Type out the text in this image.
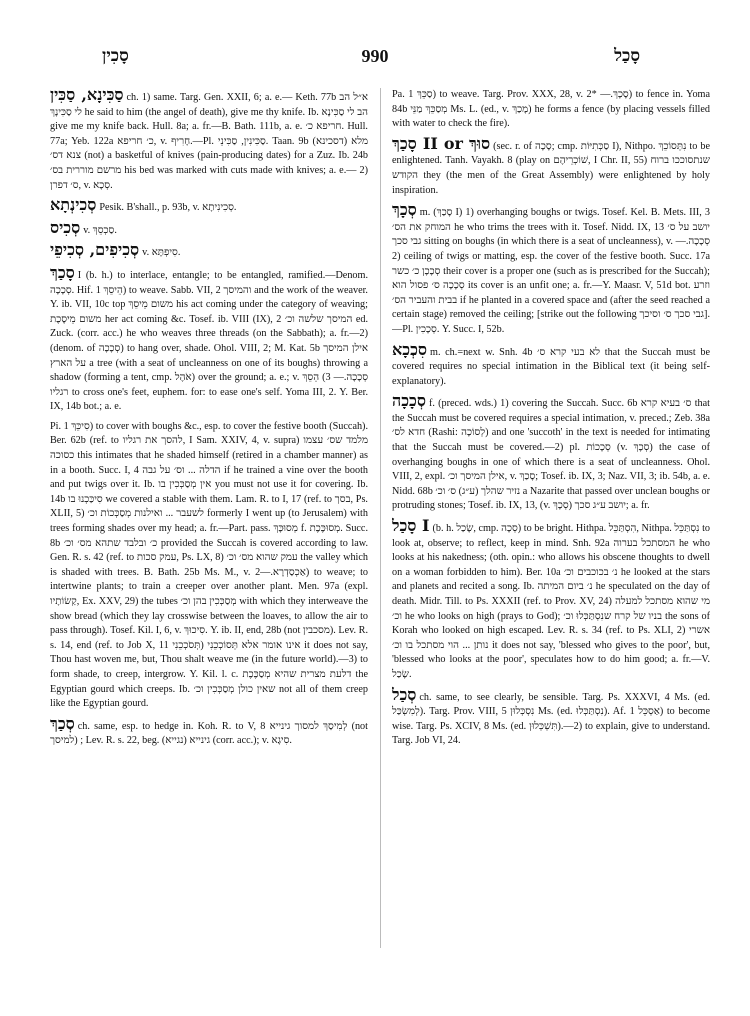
סָכִין	990	סָכַל

סַכִּינָא, סַכִּין ch. 1) same. Targ. Gen. XXII, 6; a. e.— Keth. 77b א״ל הב לי סַכִּינָךְ he said to him (the angel of death), give me thy knife. Ib. הב לי סַכִּינָא give me my knife back. Hull. 8a; a. fr.—B. Bath. 111b, a. e. חריפא כ׳. Hull. 77a; Yeb. 122a כ׳ חריפא, v. חָרִיף.—Pl. סַכִּינִין, סַכִּינֵי. Taan. 9b (דסכינא) מלא צנא דס׳ (not) a basketful of knives (pain-producing dates) for a Zuz. Ib. 24b מרשם מוררית בס׳ his bed was marked with cuts made with knives; a. e.— 2) ס׳ דפרן, v. סְכָא.

סְכִינְתָא Pesik. B'shall., p. 93b, v. סְכִינִיתָא.

סְכִיס v. סַכְסֵךְ.

סְכִיפִים, סְכִיפֵי v. סִיפְתָּא.

סָכַךְ I (b. h.) to interlace, entangle; to be entangled, ramified.—Denom. סְכָכָה. Hif. הֵיסֵךְ 1) to weave. Sabb. VII, 2 והמיסך and the work of the weaver. Y. ib. VII, 10c top משום מֵיסֵךְ his act coming under the category of weaving; משום מֵיסֶכֶת her act coming &c. Tosef. ib. VIII (IX), 2 המיסך שלשה וכ׳ ed. Zuck. (corr. acc.) he who weaves three threads (on the Sabbath); a. fr.—2) (denom. of סְכָכָה) to hang over, shade. Ohol. VIII, 2; M. Kat. 5b אילן המיסך על הארץ a tree (with a seat of uncleanness on one of its boughs) throwing a shadow (forming a tent, cmp. אֹהֶל) over the ground; a. e.; v. סְכָכָה.— 3) הֵסֵךְ רגליו to cross one's feet, euphem. for: to ease one's self. Yoma III, 2. Y. Ber. IX, 14b bot.; a. e.

Pi. סִיכֵּךְ 1) to cover with boughs &c., esp. to cover the festive booth (Succah). Ber. 62b (ref. to להסך את רגליו, I Sam. XXIV, 4, v. supra) מלמד שס׳ עצמו כסוכה this intimates that he shaded himself (retired in a chamber manner) as in a booth. Succ. I, 4 הדלה ... וס׳ על גבה if he trained a vine over the booth and put twigs over it. Ib. אין מְסַכְּכִין בו you must not use it for covering. Ib. 14b סִיכַּכְנוּ בו we covered a stable with them. Lam. R. to I, 17 (ref. to בסך, Ps. XLII, 5) לשעבר ... ואילנות מְסַכְּכוֹת וכ׳ formerly I went up (to Jerusalem) with trees forming shades over my head; a. fr.—Part. pass. מְסוּכָּךְ f. מְסוּכֶּכֶת. Succ. 8b כ׳ ובלבד שתהא מס׳ וכ׳ provided the Succah is covered according to law. Gen. R. s. 42 (ref. to עמק סכות, Ps. LX, 8) עמק שהוא מס׳ וכ׳ the valley which is shaded with trees. B. Bath. 25b Ms. M., v. אַכְסַדְרָא.—2) to weave; to intertwine plants; to train a creeper over another plant. Men. 97a (expl. קַשׂוֹתָיו, Ex. XXV, 29) the tubes מְסַכְּכִין בהן וכ׳ with which they interweave the show bread (which they lay crosswise between the loaves, to allow the air to pass through). Tosef. Kil. I, 6, v. סִיכוּךְ. Y. ib. II, end, 28b (not מסכבין). Lev. R. s. 14, end (ref. to Job X, 11 תְּסֹכְכֵנִי) אינו אומר אלא תְּסוֹכְכֵנִי it does not say, Thou hast woven me, but, Thou shalt weave me (in the future world).—3) to form shade, to creep, intergrow. Y. Kil. l. c. דלעת מצרית שהיא מְסַכֶּכֶת the Egyptian gourd which creeps. Ib. שאין כולן מְסַכְּכִין וכ׳ not all of them creep like the Egyptian gourd.

סְכַךְ ch. same, esp. to hedge in. Koh. R. to V, 8 לְמִיסַךְ למסוך גינייא (not למיסך) ; Lev. R. s. 22, beg. (גינייא (נגייא (corr. acc.); v. סִיגָא.

Pa. סַכֵּךְ 1) to weave. Targ. Prov. XXX, 28, v. סָכָךְ.— *2) to fence in. Yoma 84b מְסַכֵּךְ מַנֵּי Ms. L. (ed., v. מָכַךְ) he forms a fence (by placing vessels filled with water to check the fire).

סָכַךְ II or סוּךְ (sec. r. of סָכָה; cmp. סַכְּתִיּוֹת I), Nithpo. נִתְּסוֹכֵךְ to be enlightened. Tanh. Vayakh. 8 (play on שׁוֹכְרֵיהֶם, I Chr. II, 55) שנתסוככו ברוח הקודש they (the men of the Great Assembly) were enlightened by holy inspiration.

סְכָךְ m. (סָכַךְ I) 1) overhanging boughs or twigs. Tosef. Kel. B. Mets. III, 3 המוחק את הס׳ he who trims the trees with it. Tosef. Nidd. IX, 13 יושב על ס׳ גבי סכך sitting on boughs (in which there is a seat of uncleanness), v. סְכָכָה.—2) ceiling of twigs or matting, esp. the cover of the festive booth. Succ. 17a סְכָכָן כ׳ כשר their cover is a proper one (such as is prescribed for the Succah); סְכָכָה ס׳ פסול הוא its cover is an unfit one; a. fr.—Y. Maasr. V, 51d bot. וזרע בבית והעביר הס׳ if he planted in a covered space and (after the seed reached a certain stage) removed the ceiling; [strike out the following גבי סכך ס׳ וסיכך].—Pl. סְכָכִין. Y. Succ. I, 52b.

סִכְכָא m. ch.=next w. Snh. 4b לא בעי קרא ס׳ that the Succah must be covered requires no special intimation in the Biblical text (it being self-explanatory).

סְכָכָה f. (preced. wds.) 1) covering the Succah. Succ. 6b ס׳ בעיא קרא that the Succah must be covered requires a special intimation, v. preced.; Zeb. 38a חדא לס׳ (Rashi: לְסוֹכָה) and one 'succoth' in the text is needed for intimating that the Succah must be covered.—2) pl. סְכָכוֹת (v. סְכָךְ) the case of overhanging boughs in one of which there is a seat of uncleanness. Ohol. VIII, 2, expl. אילן המיסך וכ׳, v. סָכַךְ; Tosef. ib. IX, 3; Naz. VII, 3; ib. 54b, a. e. Nidd. 68b נזיר שהלך (ע״ג) ס׳ וכ׳ a Nazarite that passed over unclean boughs or protruding stones; Tosef. ib. IX, 13, (v. סְכָךְ) יושב ע״ג סכך; a. fr.

סָכַל I (b. h. שָׂכַל, cmp. סְכָה) to be bright. Hithpa. הִסְתַּכֵּל, Nithpa. נִסְתַּכֵּל to look at, observe; to reflect, keep in mind. Snh. 92a המסתכל בערוה he who looks at his nakedness; (oth. opin.: who allows his obscene thoughts to dwell on a woman forbidden to him). Ber. 10a נ׳ בכוכבים וכ׳ he looked at the stars and planets and recited a song. Ib. נ׳ ביום המיתה he speculated on the day of death. Midr. Till. to Ps. XXXII (ref. to Prov. XV, 24) מי שהוא מסתכל למעלה וכ׳ he who looks on high (prays to God); בניו של קרח שנִסְתַּכְּלוּ וכ׳ the sons of Korah who looked on high escaped. Lev. R. s. 34 (ref. to Ps. XLI, 2) אשרי נותן ... הוי מסתכל בו וכ׳ it does not say, 'blessed who gives to the poor', but, 'blessed who looks at the poor', speculates how to do him good; a. fr.—V. שָׂכַל.

סְכַל ch. same, to see clearly, be sensible. Targ. Ps. XXXVI, 4 Ms. (ed. לְמִשְׂכַּל). Targ. Prov. VIII, 5 נִסְכְּלוּן Ms. (ed. נִסְתַּכְּלוּ). Af. אַסְכֵּל 1) to become wise. Targ. Ps. XCIV, 8 Ms. (ed. תִּשְׁכְּלוּן).—2) to explain, give to understand. Targ. Job VI, 24.
